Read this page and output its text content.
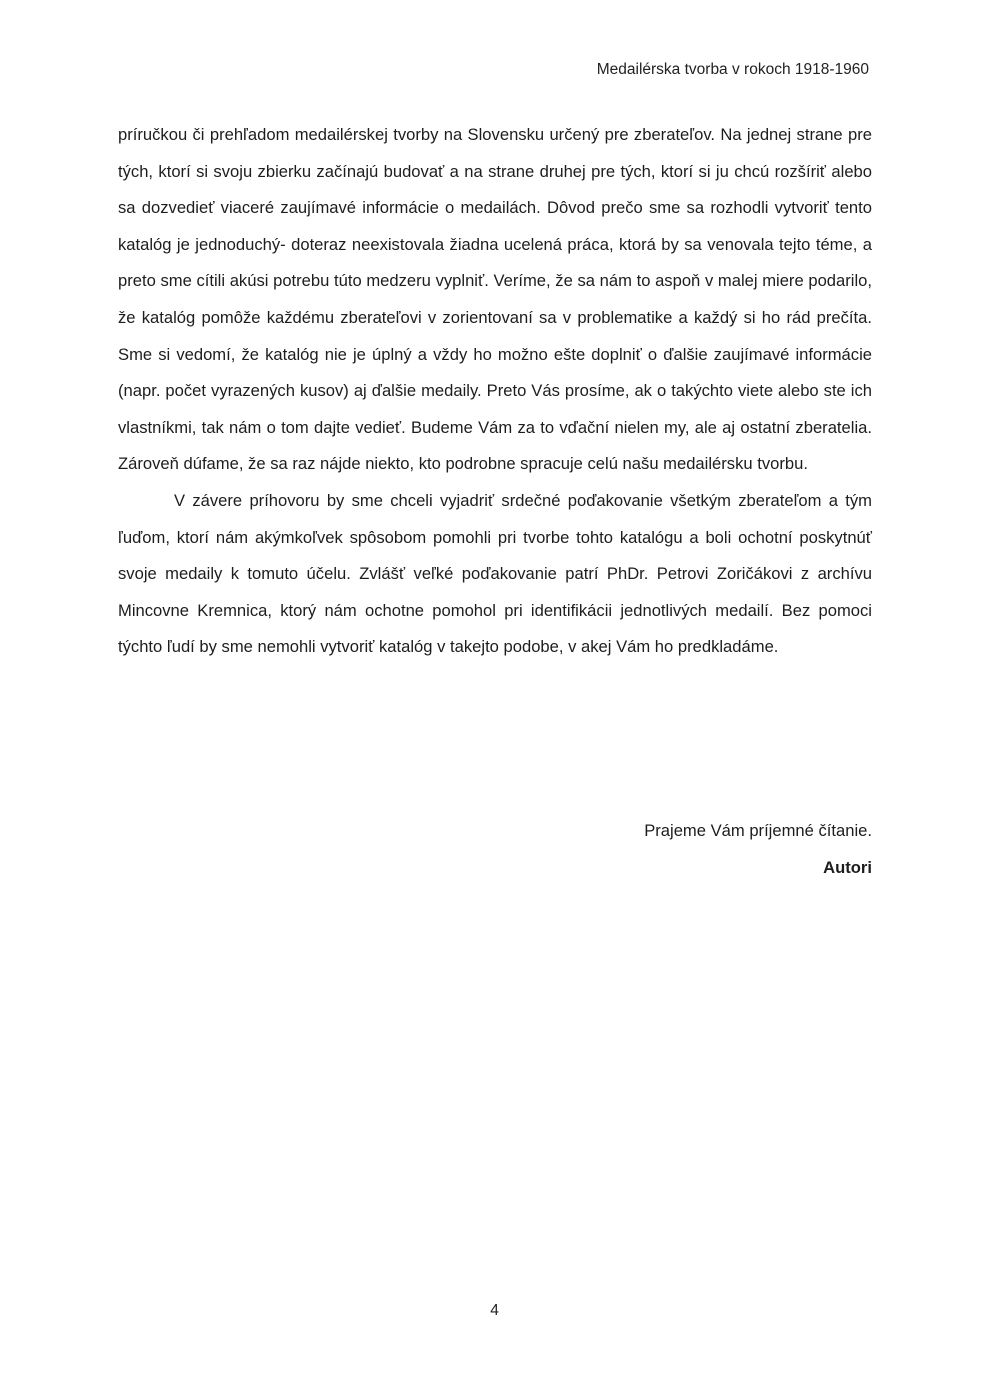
Medailérska tvorba v rokoch 1918-1960

príručkou či prehľadom medailérskej tvorby na Slovensku určený pre zberateľov. Na jednej strane pre tých, ktorí si svoju zbierku začínajú budovať a na strane druhej pre tých, ktorí si ju chcú rozšíriť alebo sa dozvedieť viaceré zaujímavé informácie o medailách. Dôvod prečo sme sa rozhodli vytvoriť tento katalóg je jednoduchý- doteraz neexistovala žiadna ucelená práca, ktorá by sa venovala tejto téme, a preto sme cítili akúsi potrebu túto medzeru vyplniť. Veríme, že sa nám to aspoň v malej miere podarilo, že katalóg pomôže každému zberateľovi v zorientovaní sa v problematike a každý si ho rád prečíta. Sme si vedomí, že katalóg nie je úplný a vždy ho možno ešte doplniť o ďalšie zaujímavé informácie (napr. počet vyrazených kusov) aj ďalšie medaily. Preto Vás prosíme, ak o takýchto viete alebo ste ich vlastníkmi, tak nám o tom dajte vedieť. Budeme Vám za to vďační nielen my, ale aj ostatní zberatelia. Zároveň dúfame, že sa raz nájde niekto, kto podrobne spracuje celú našu medailérsku tvorbu.

V závere príhovoru by sme chceli vyjadriť srdečné poďakovanie všetkým zberateľom a tým ľuďom, ktorí nám akýmkoľvek spôsobom pomohli pri tvorbe tohto katalógu a boli ochotní poskytnúť svoje medaily k tomuto účelu. Zvlášť veľké poďakovanie patrí PhDr. Petrovi Zoričákovi z archívu Mincovne Kremnica, ktorý nám ochotne pomohol pri identifikácii jednotlivých medailí. Bez pomoci týchto ľudí by sme nemohli vytvoriť katalóg v takejto podobe, v akej Vám ho predkladáme.

Prajeme Vám príjemné čítanie.
Autori
4
